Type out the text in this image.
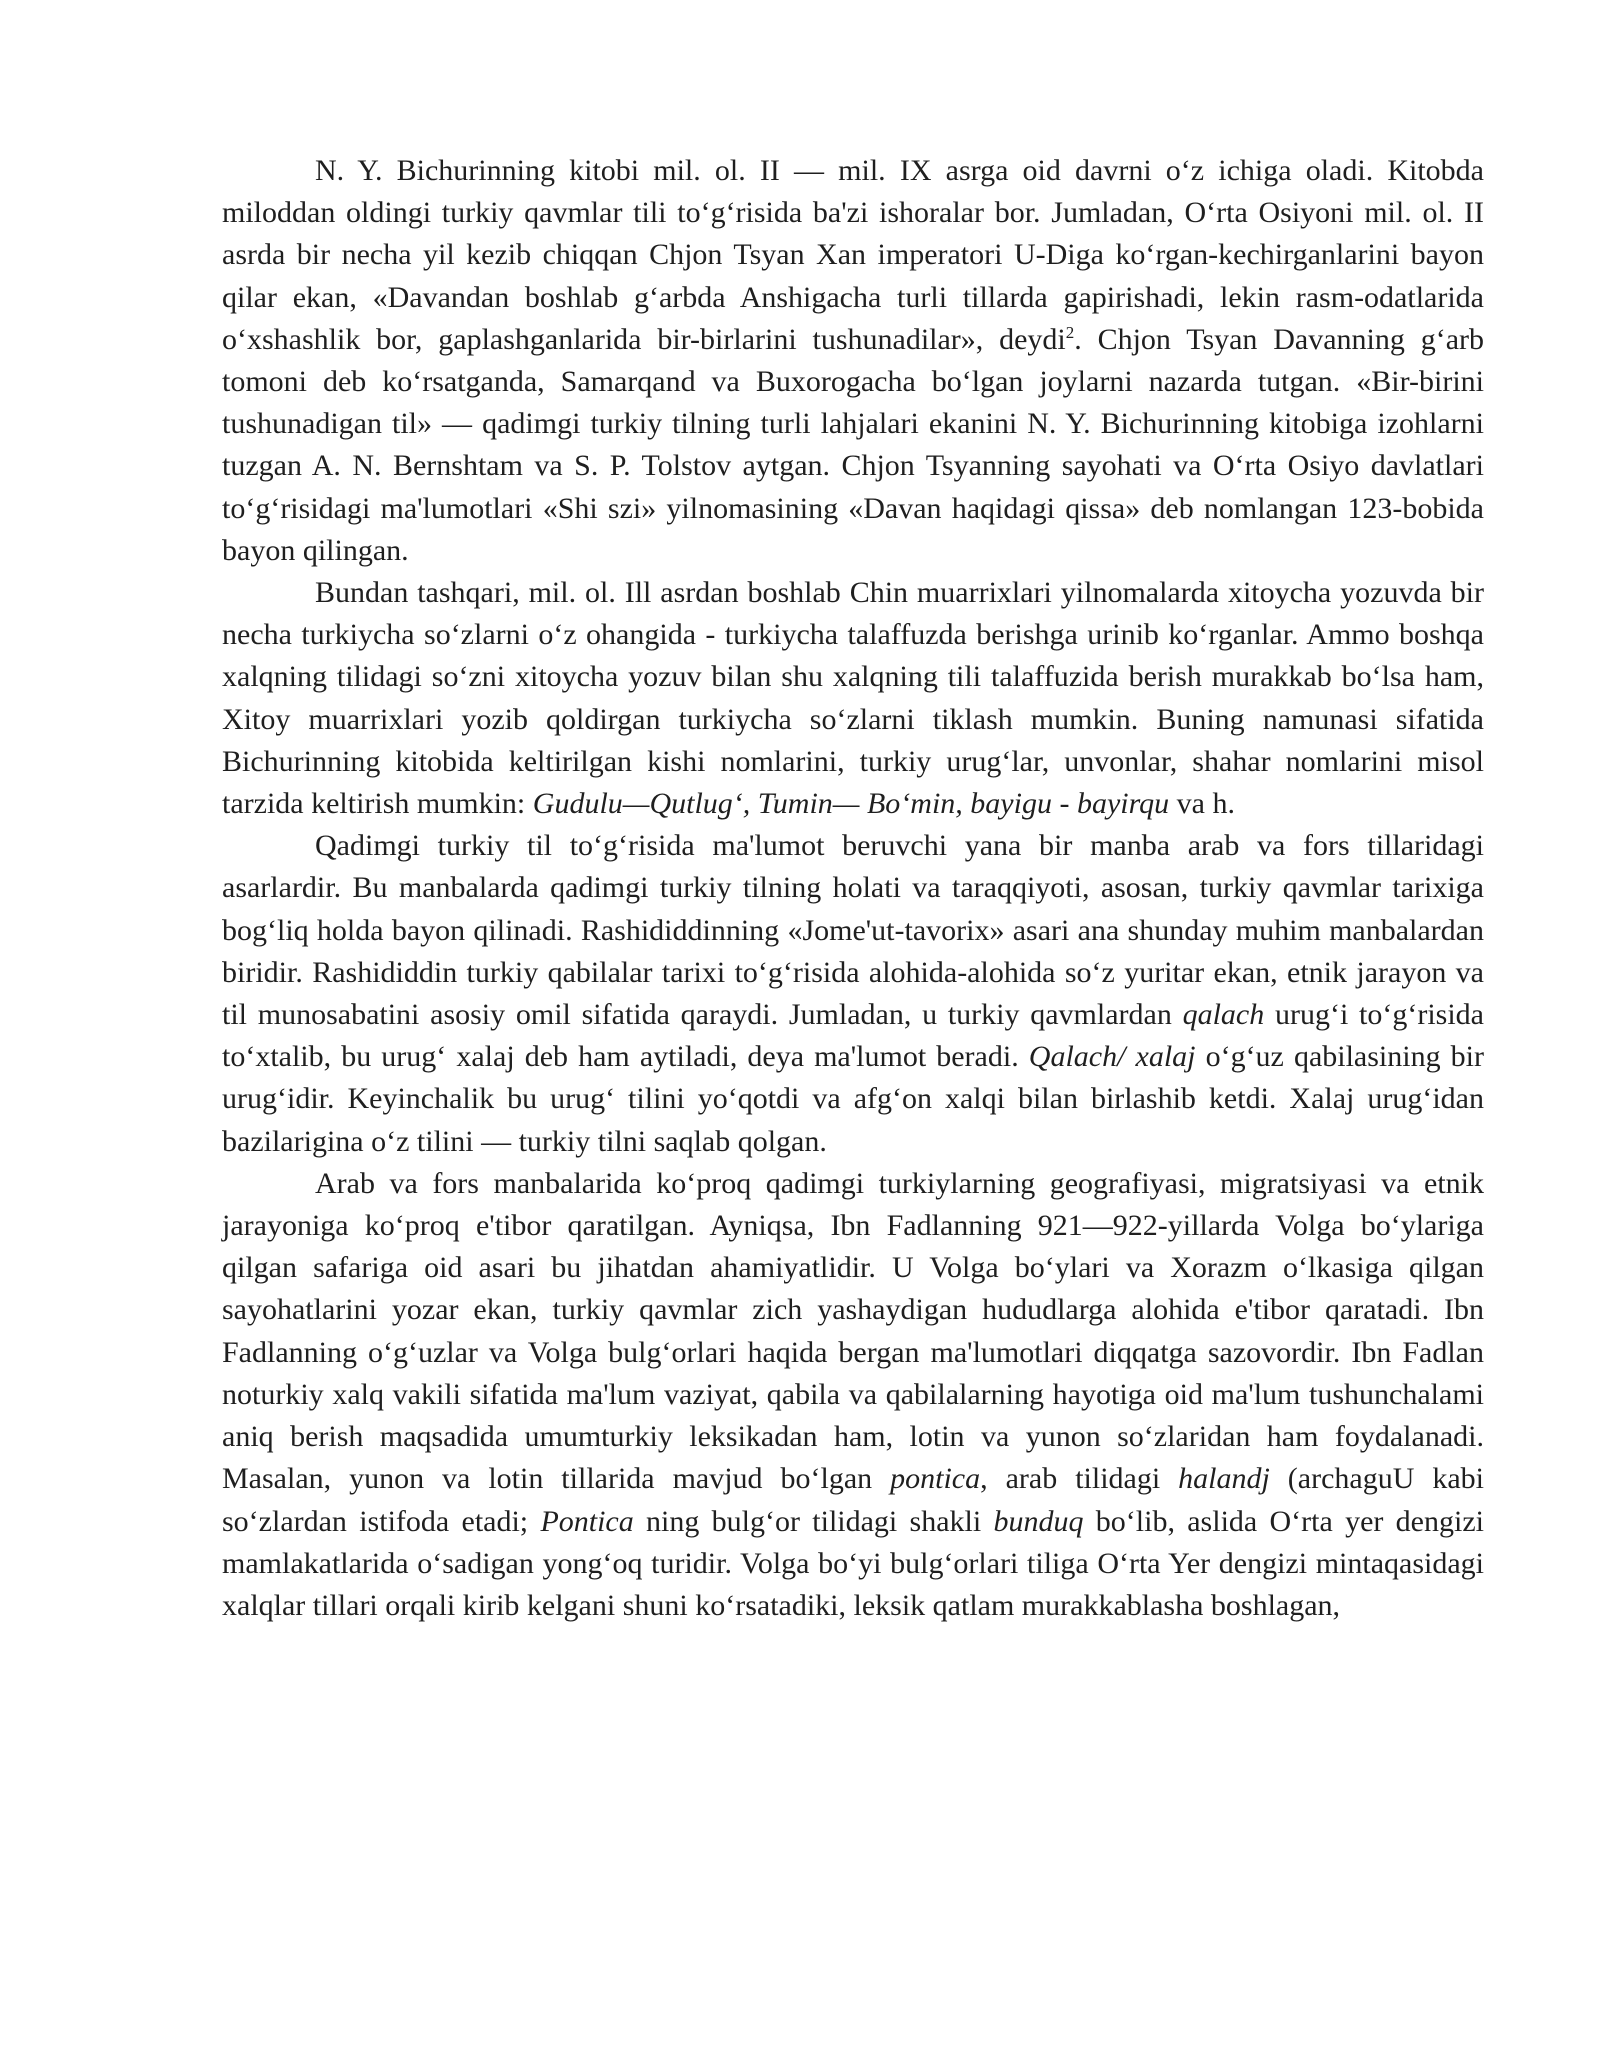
N. Y. Bichurinning kitobi mil. ol. II — mil. IX asrga oid davrni oʻz ichiga oladi. Kitobda miloddan oldingi turkiy qavmlar tili toʻgʻrisida ba'zi ishoralar bor. Jumladan, Oʻrta Osiyoni mil. ol. II asrda bir necha yil kezib chiqqan Chjon Tsyan Xan imperatori U-Diga koʻrgan-kechirganlarini bayon qilar ekan, «Davandan boshlab gʻarbda Anshigacha turli tillarda gapirishadi, lekin rasm-odatlarida oʻxshashlik bor, gaplashganlarida bir-birlarini tushunadilar», deydi$^2$. Chjon Tsyan Davanning gʻarb tomoni deb koʻrsatganda, Samarqand va Buxorogacha boʻlgan joylarni nazarda tutgan. «Bir-birini tushunadigan til» — qadimgi turkiy tilning turli lahjalari ekanini N. Y. Bichurinning kitobiga izohlarni tuzgan A. N. Bernshtam va S. P. Tolstov aytgan. Chjon Tsyanning sayohati va Oʻrta Osiyo davlatlari toʻgʻrisidagi ma'lumotlari «Shi szi» yilnomasining «Davan haqidagi qissa» deb nomlangan 123-bobida bayon qilingan.

Bundan tashqari, mil. ol. Ill asrdan boshlab Chin muarrixlari yilnomalarda xitoycha yozuvda bir necha turkiycha soʻzlarni oʻz ohangida - turkiycha talaffuzda berishga urinib koʻrganlar. Ammo boshqa xalqning tilidagi soʻzni xitoycha yozuv bilan shu xalqning tili talaffuzida berish murakkab boʻlsa ham, Xitoy muarrixlari yozib qoldirgan turkiycha soʻzlarni tiklash mumkin. Buning namunasi sifatida Bichurinning kitobida keltirilgan kishi nomlarini, turkiy urugʻlar, unvonlar, shahar nomlarini misol tarzida keltirish mumkin: Gudulu—Qutlugʻ, Tumin— Boʻmin, bayigu - bayirqu va h.

Qadimgi turkiy til toʻgʻrisida ma'lumot beruvchi yana bir manba arab va fors tillaridagi asarlardir. Bu manbalarda qadimgi turkiy tilning holati va taraqqiyoti, asosan, turkiy qavmlar tarixiga bogʻliq holda bayon qilinadi. Rashididdinning «Jome'ut-tavorix» asari ana shunday muhim manbalardan biridir. Rashididdin turkiy qabilalar tarixi toʻgʻrisida alohida-alohida soʻz yuritar ekan, etnik jarayon va til munosabatini asosiy omil sifatida qaraydi. Jumladan, u turkiy qavmlardan qalach urugʻi toʻgʻrisida toʻxtalib, bu urugʻ xalaj deb ham aytiladi, deya ma'lumot beradi. Qalach/ xalaj oʻgʻuz qabilasining bir urugʻidir. Keyinchalik bu urugʻ tilini yoʻqotdi va afgʻon xalqi bilan birlashib ketdi. Xalaj urugʻidan bazilarigina oʻz tilini — turkiy tilni saqlab qolgan.

Arab va fors manbalarida koʻproq qadimgi turkiylarning geografiyasi, migratsiyasi va etnik jarayoniga koʻproq e'tibor qaratilgan. Ayniqsa, Ibn Fadlanning 921—922-yillarda Volga boʻylariga qilgan safariga oid asari bu jihatdan ahamiyatlidir. U Volga boʻylari va Xorazm oʻlkasiga qilgan sayohatlarini yozar ekan, turkiy qavmlar zich yashaydigan hududlarga alohida e'tibor qaratadi. Ibn Fadlanning oʻgʻuzlar va Volga bulgʻorlari haqida bergan ma'lumotlari diqqatga sazovordir. Ibn Fadlan noturkiy xalq vakili sifatida ma'lum vaziyat, qabila va qabilalarning hayotiga oid ma'lum tushunchalami aniq berish maqsadida umumturkiy leksikadan ham, lotin va yunon soʻzlaridan ham foydalanadi. Masalan, yunon va lotin tillarida mavjud boʻlgan pontica, arab tilidagi halandj (archaguU kabi soʻzlardan istifoda etadi; Pontica ning bulgʻor tilidagi shakli bunduq boʻlib, aslida Oʻrta yer dengizi mamlakatlarida oʻsadigan yongʻoq turidir. Volga boʻyi bulgʻorlari tiliga Oʻrta Yer dengizi mintaqasidagi xalqlar tillari orqali kirib kelgani shuni koʻrsatadiki, leksik qatlam murakkablasha boshlagan,
